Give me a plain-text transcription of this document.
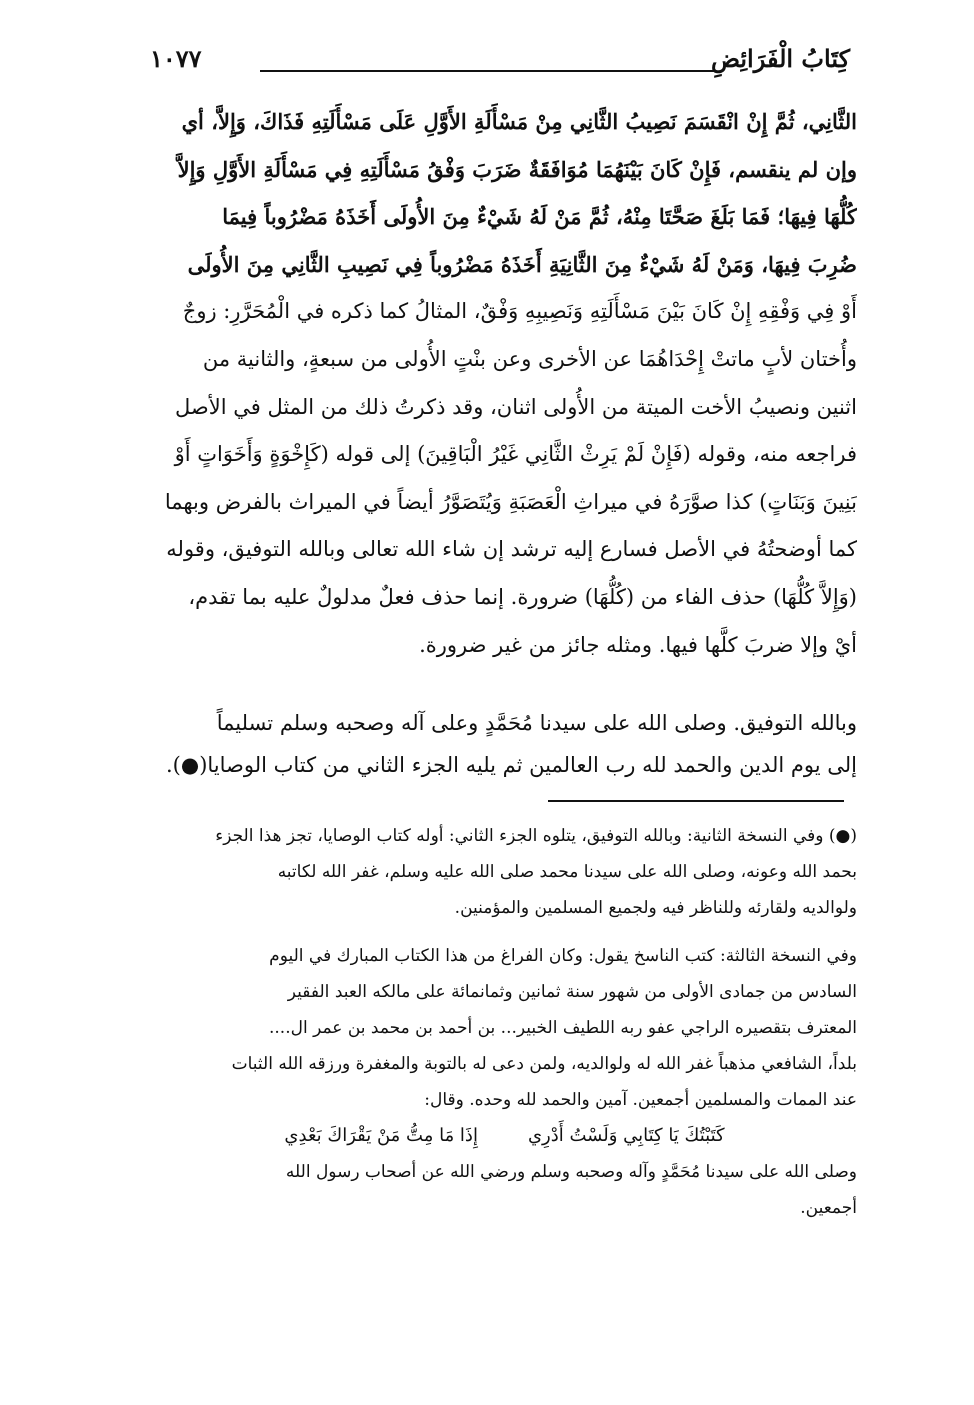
كِتَابُ الْفَرَائِضِ
١٠٧٧
الثَّانِي، ثُمَّ إِنْ انْقَسَمَ نَصِيبُ الثَّانِي مِنْ مَسْأَلَةِ الأَوَّلِ عَلَى مَسْأَلَتِهِ فَذَاكَ، وَإِلاَّ، أي
وإن لم ينقسم، فَإِنْ كَانَ بَيْنَهُمَا مُوَافَقَةٌ ضَرَبَ وَفْقُ مَسْأَلَتِهِ فِي مَسْأَلَةِ الأَوَّلِ وَإِلاَّ
كُلُّهَا فِيهَا؛ فَمَا بَلَغَ صَحَّتَا مِنْهُ، ثُمَّ مَنْ لَهُ شَيْءٌ مِنَ الأُولَى أَخَذَهُ مَضْرُوباً فِيمَا
ضُرِبَ فِيهَا، وَمَنْ لَهُ شَيْءٌ مِنَ الثَّانِيَةِ أَخَذَهُ مَضْرُوباً فِي نَصِيبِ الثَّانِي مِنَ الأُولَى
أَوْ فِي وَفْقِهِ إِنْ كَانَ بَيْنَ مَسْأَلَتِهِ وَنَصِيبِهِ وَفْقٌ، المثالُ كما ذكره في الْمُحَرَّرِ: زوجٌ
وأُختان لأبٍ ماتتْ إِحْدَاهُمَا عن الأخرى وعن بنْتٍ الأُولى من سبعةٍ، والثانية من
اثنين ونصيبُ الأخت الميتة من الأُولى اثنان، وقد ذكرتُ ذلك من المثل في الأصل
فراجعه منه، وقوله (فَإِنْ لَمْ يَرِثْ الثَّانِي غَيْرُ الْبَاقِينَ) إلى قوله (كَإِخْوَةٍ وَأَخَوَاتٍ أَوْ
بَنِينَ وَبَنَاتٍ) كذا صوَّرَهُ في ميراثِ الْعَصَبَةِ وَيُتَصَوَّرُ أيضاً في الميراث بالفرض وبهما
كما أوضحتُهُ في الأصل فسارع إليه ترشد إن شاء الله تعالى وبالله التوفيق، وقوله
(وَإِلاَّ كُلُّهَا) حذف الفاء من (كُلُّهَا) ضرورة. إنما حذف فعلٌ مدلولٌ عليه بما تقدم،
أيْ وإلا ضربَ كلَّها فيها. ومثله جائز من غير ضرورة.
وبالله التوفيق. وصلى الله على سيدنا مُحَمَّدٍ وعلى آله وصحبه وسلم تسليماً
إلى يوم الدين والحمد لله رب العالمين ثم يليه الجزء الثاني من كتاب الوصايا(●).
(●) وفي النسخة الثانية: وبالله التوفيق، يتلوه الجزء الثاني: أوله كتاب الوصايا، تجز هذا الجزء
بحمد الله وعونه، وصلى الله على سيدنا محمد صلى الله عليه وسلم، غفر الله لكاتبه
ولوالديه ولقارئه وللناظر فيه ولجميع المسلمين والمؤمنين.
وفي النسخة الثالثة: كتب الناسخ يقول: وكان الفراغ من هذا الكتاب المبارك في اليوم
السادس من جمادى الأولى من شهور سنة ثمانين وثمانمائة على مالكه العبد الفقير
المعترف بتقصيره الراجي عفو ربه اللطيف الخبير... بن أحمد بن محمد بن عمر ال....
بلداً، الشافعي مذهباً غفر الله له ولوالديه، ولمن دعى له بالتوبة والمغفرة ورزقه الله الثبات
عند الممات والمسلمين أجمعين. آمين والحمد لله وحده. وقال:
كَتَبْتُكَ يَا كِتَابِي وَلَسْتُ أَدْرِي
إِذَا مَا مِتُّ مَنْ يَقْرَاكَ بَعْدِي
وصلى الله على سيدنا مُحَمَّدٍ وآله وصحبه وسلم ورضي الله عن أصحاب رسول الله
أجمعين.
